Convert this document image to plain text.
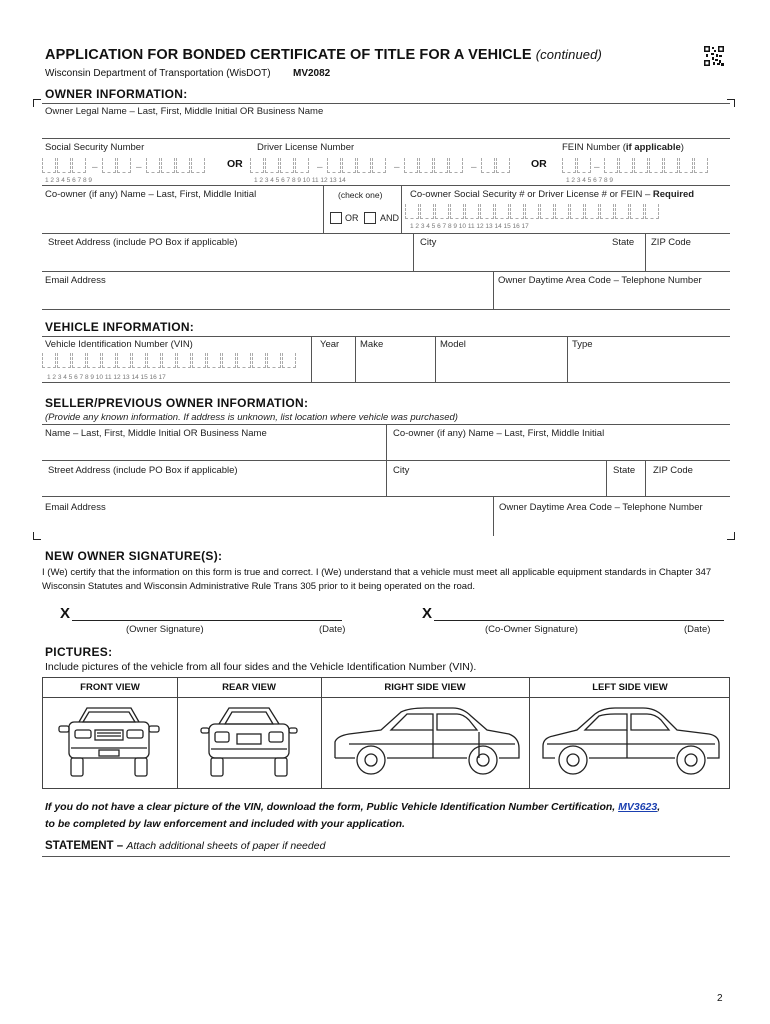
APPLICATION FOR BONDED CERTIFICATE OF TITLE FOR A VEHICLE (continued)
Wisconsin Department of Transportation (WisDOT) MV2082
OWNER INFORMATION:
Owner Legal Name – Last, First, Middle Initial OR Business Name
Social Security Number	Driver License Number	FEIN Number (if applicable)
–	–	OR	–	–	–	OR	–
1 2 3 4 5 6 7 8 9	1 2 3 4 5 6 7 8 9 10 11 12 13 14	1 2 3 4 5 6 7 8 9
Co-owner (if any) Name – Last, First, Middle Initial	(check one)
OR AND
Co-owner Social Security # or Driver License # or FEIN – Required
1 2 3 4 5 6 7 8 9 10 11 12 13 14 15 16 17
Street Address (include PO Box if applicable)	City	State ZIP Code
Email Address	Owner Daytime Area Code – Telephone Number
VEHICLE INFORMATION:
Vehicle Identification Number (VIN)	Year Make	Model	Type
1 2 3 4 5 6 7 8 9 10 11 12 13 14 15 16 17
SELLER/PREVIOUS OWNER INFORMATION:
(Provide any known information. If address is unknown, list location where vehicle was purchased)
Name – Last, First, Middle Initial OR Business Name	Co-owner (if any) Name – Last, First, Middle Initial
Street Address (include PO Box if applicable)	City	State ZIP Code
Email Address	Owner Daytime Area Code – Telephone Number
NEW OWNER SIGNATURE(S):
I (We) certify that the information on this form is true and correct. I (We) understand that a vehicle must meet all applicable equipment standards in Chapter 347 Wisconsin Statutes and Wisconsin Administrative Rule Trans 305 prior to it being operated on the road.
X	X
(Owner Signature)	(Date)	(Co-Owner Signature)	(Date)
PICTURES:
Include pictures of the vehicle from all four sides and the Vehicle Identification Number (VIN).
FRONT VIEW	REAR VIEW	RIGHT SIDE VIEW	LEFT SIDE VIEW
If you do not have a clear picture of the VIN, download the form, Public Vehicle Identification Number Certification, MV3623,
to be completed by law enforcement and included with your application.
STATEMENT – Attach additional sheets of paper if needed
2
